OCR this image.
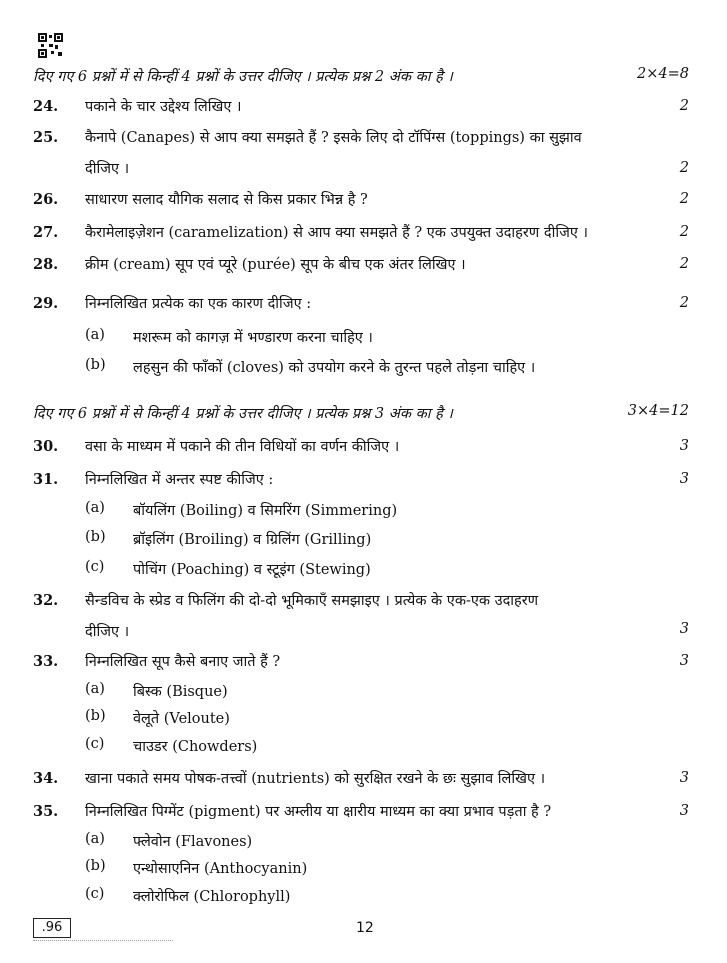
दिए गए 6 प्रश्नों में से किन्हीं 4 प्रश्नों के उत्तर दीजिए । प्रत्येक प्रश्न 2 अंक का है ।	2×4=8
24. पकाने के चार उद्देश्य लिखिए ।	2
25. कैनापे (Canapes) से आप क्या समझते हैं ? इसके लिए दो टॉपिंग्स (toppings) का सुझाव
दीजिए ।	2
26. साधारण सलाद यौगिक सलाद से किस प्रकार भिन्न है ?	2
27. कैरामेलाइज़ेशन (caramelization) से आप क्या समझते हैं ? एक उपयुक्त उदाहरण दीजिए ।	2
28. क्रीम (cream) सूप एवं प्यूरे (purée) सूप के बीच एक अंतर लिखिए ।	2
29. निम्नलिखित प्रत्येक का एक कारण दीजिए :	2
(a) मशरूम को कागज़ में भण्डारण करना चाहिए ।
(b) लहसुन की फाँकों (cloves) को उपयोग करने के तुरन्त पहले तोड़ना चाहिए ।
दिए गए 6 प्रश्नों में से किन्हीं 4 प्रश्नों के उत्तर दीजिए । प्रत्येक प्रश्न 3 अंक का है ।	3×4=12
30. वसा के माध्यम में पकाने की तीन विधियों का वर्णन कीजिए ।	3
31. निम्नलिखित में अन्तर स्पष्ट कीजिए :	3
(a) बॉयलिंग (Boiling) व सिमरिंग (Simmering)
(b) ब्रॉइलिंग (Broiling) व ग्रिलिंग (Grilling)
(c) पोचिंग (Poaching) व स्टूइंग (Stewing)
32. सैन्डविच के स्प्रेड व फिलिंग की दो-दो भूमिकाएँ समझाइए । प्रत्येक के एक-एक उदाहरण
दीजिए ।	3
33. निम्नलिखित सूप कैसे बनाए जाते हैं ?	3
(a) बिस्क (Bisque)
(b) वेलूते (Veloute)
(c) चाउडर (Chowders)
34. खाना पकाते समय पोषक-तत्त्वों (nutrients) को सुरक्षित रखने के छः सुझाव लिखिए ।	3
35. निम्नलिखित पिग्मेंट (pigment) पर अम्लीय या क्षारीय माध्यम का क्या प्रभाव पड़ता है ?	3
(a) फ्लेवोन (Flavones)
(b) एन्थोसाएनिन (Anthocyanin)
(c) क्लोरोफिल (Chlorophyll)
.96	12
